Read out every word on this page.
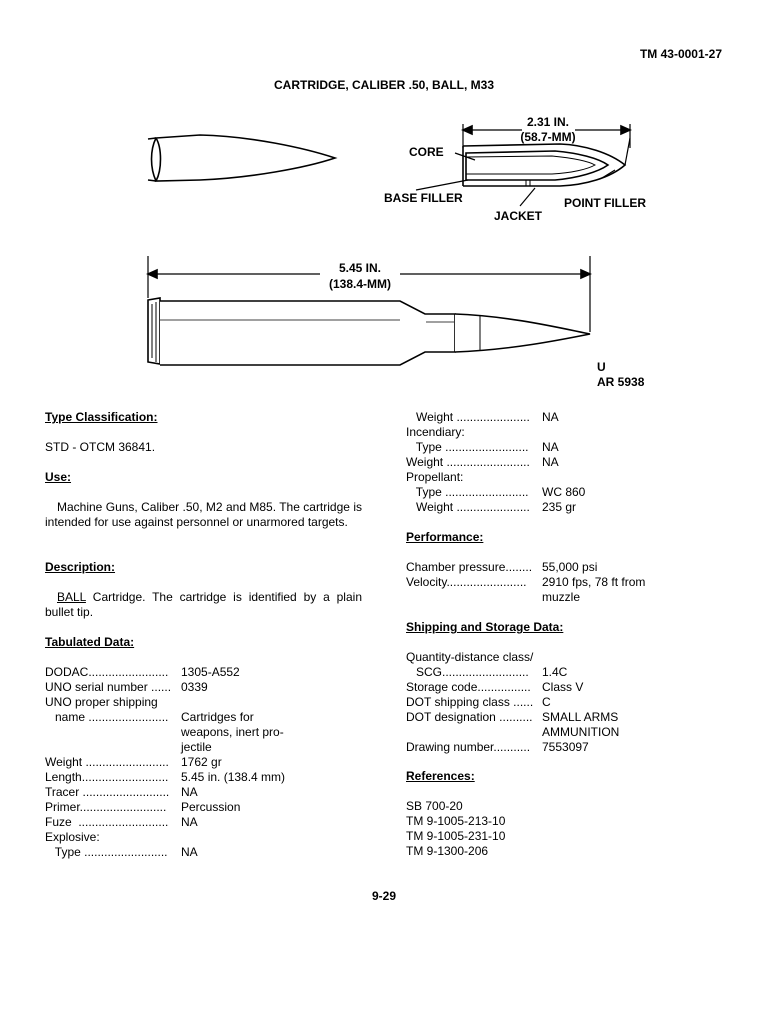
TM 43-0001-27
CARTRIDGE, CALIBER .50, BALL, M33
2.31 IN.
(58.7-MM)
CORE
BASE FILLER
JACKET
POINT FILLER
5.45 IN.
(138.4-MM)
U
AR 5938
Type Classification:
STD - OTCM 36841.
Use:
Machine Guns, Caliber .50, M2 and M85. The cartridge is intended for use against personnel or unarmored targets.
Description:
BALL Cartridge. The cartridge is identified by a plain bullet tip.
Tabulated Data:
DODAC........................ 1305-A552
UNO serial number ...... 0339
UNO proper shipping
name ........................ Cartridges for
weapons, inert pro-
jectile
Weight ......................... 1762 gr
Length.......................... 5.45 in. (138.4 mm)
Tracer .......................... NA
Primer.......................... Percussion
Fuze  ........................... NA
Explosive:
Type ......................... NA
Weight ...................... NA
Incendiary:
Type ......................... NA
Weight ......................... NA
Propellant:
Type ......................... WC 860
Weight ...................... 235 gr
Performance:
Chamber pressure........ 55,000 psi
Velocity........................ 2910 fps, 78 ft from
muzzle
Shipping and Storage Data:
Quantity-distance class/
SCG.......................... 1.4C
Storage code................ Class V
DOT shipping class ...... C
DOT designation .......... SMALL ARMS
AMMUNITION
Drawing number........... 7553097
References:
SB 700-20
TM 9-1005-213-10
TM 9-1005-231-10
TM 9-1300-206
9-29
